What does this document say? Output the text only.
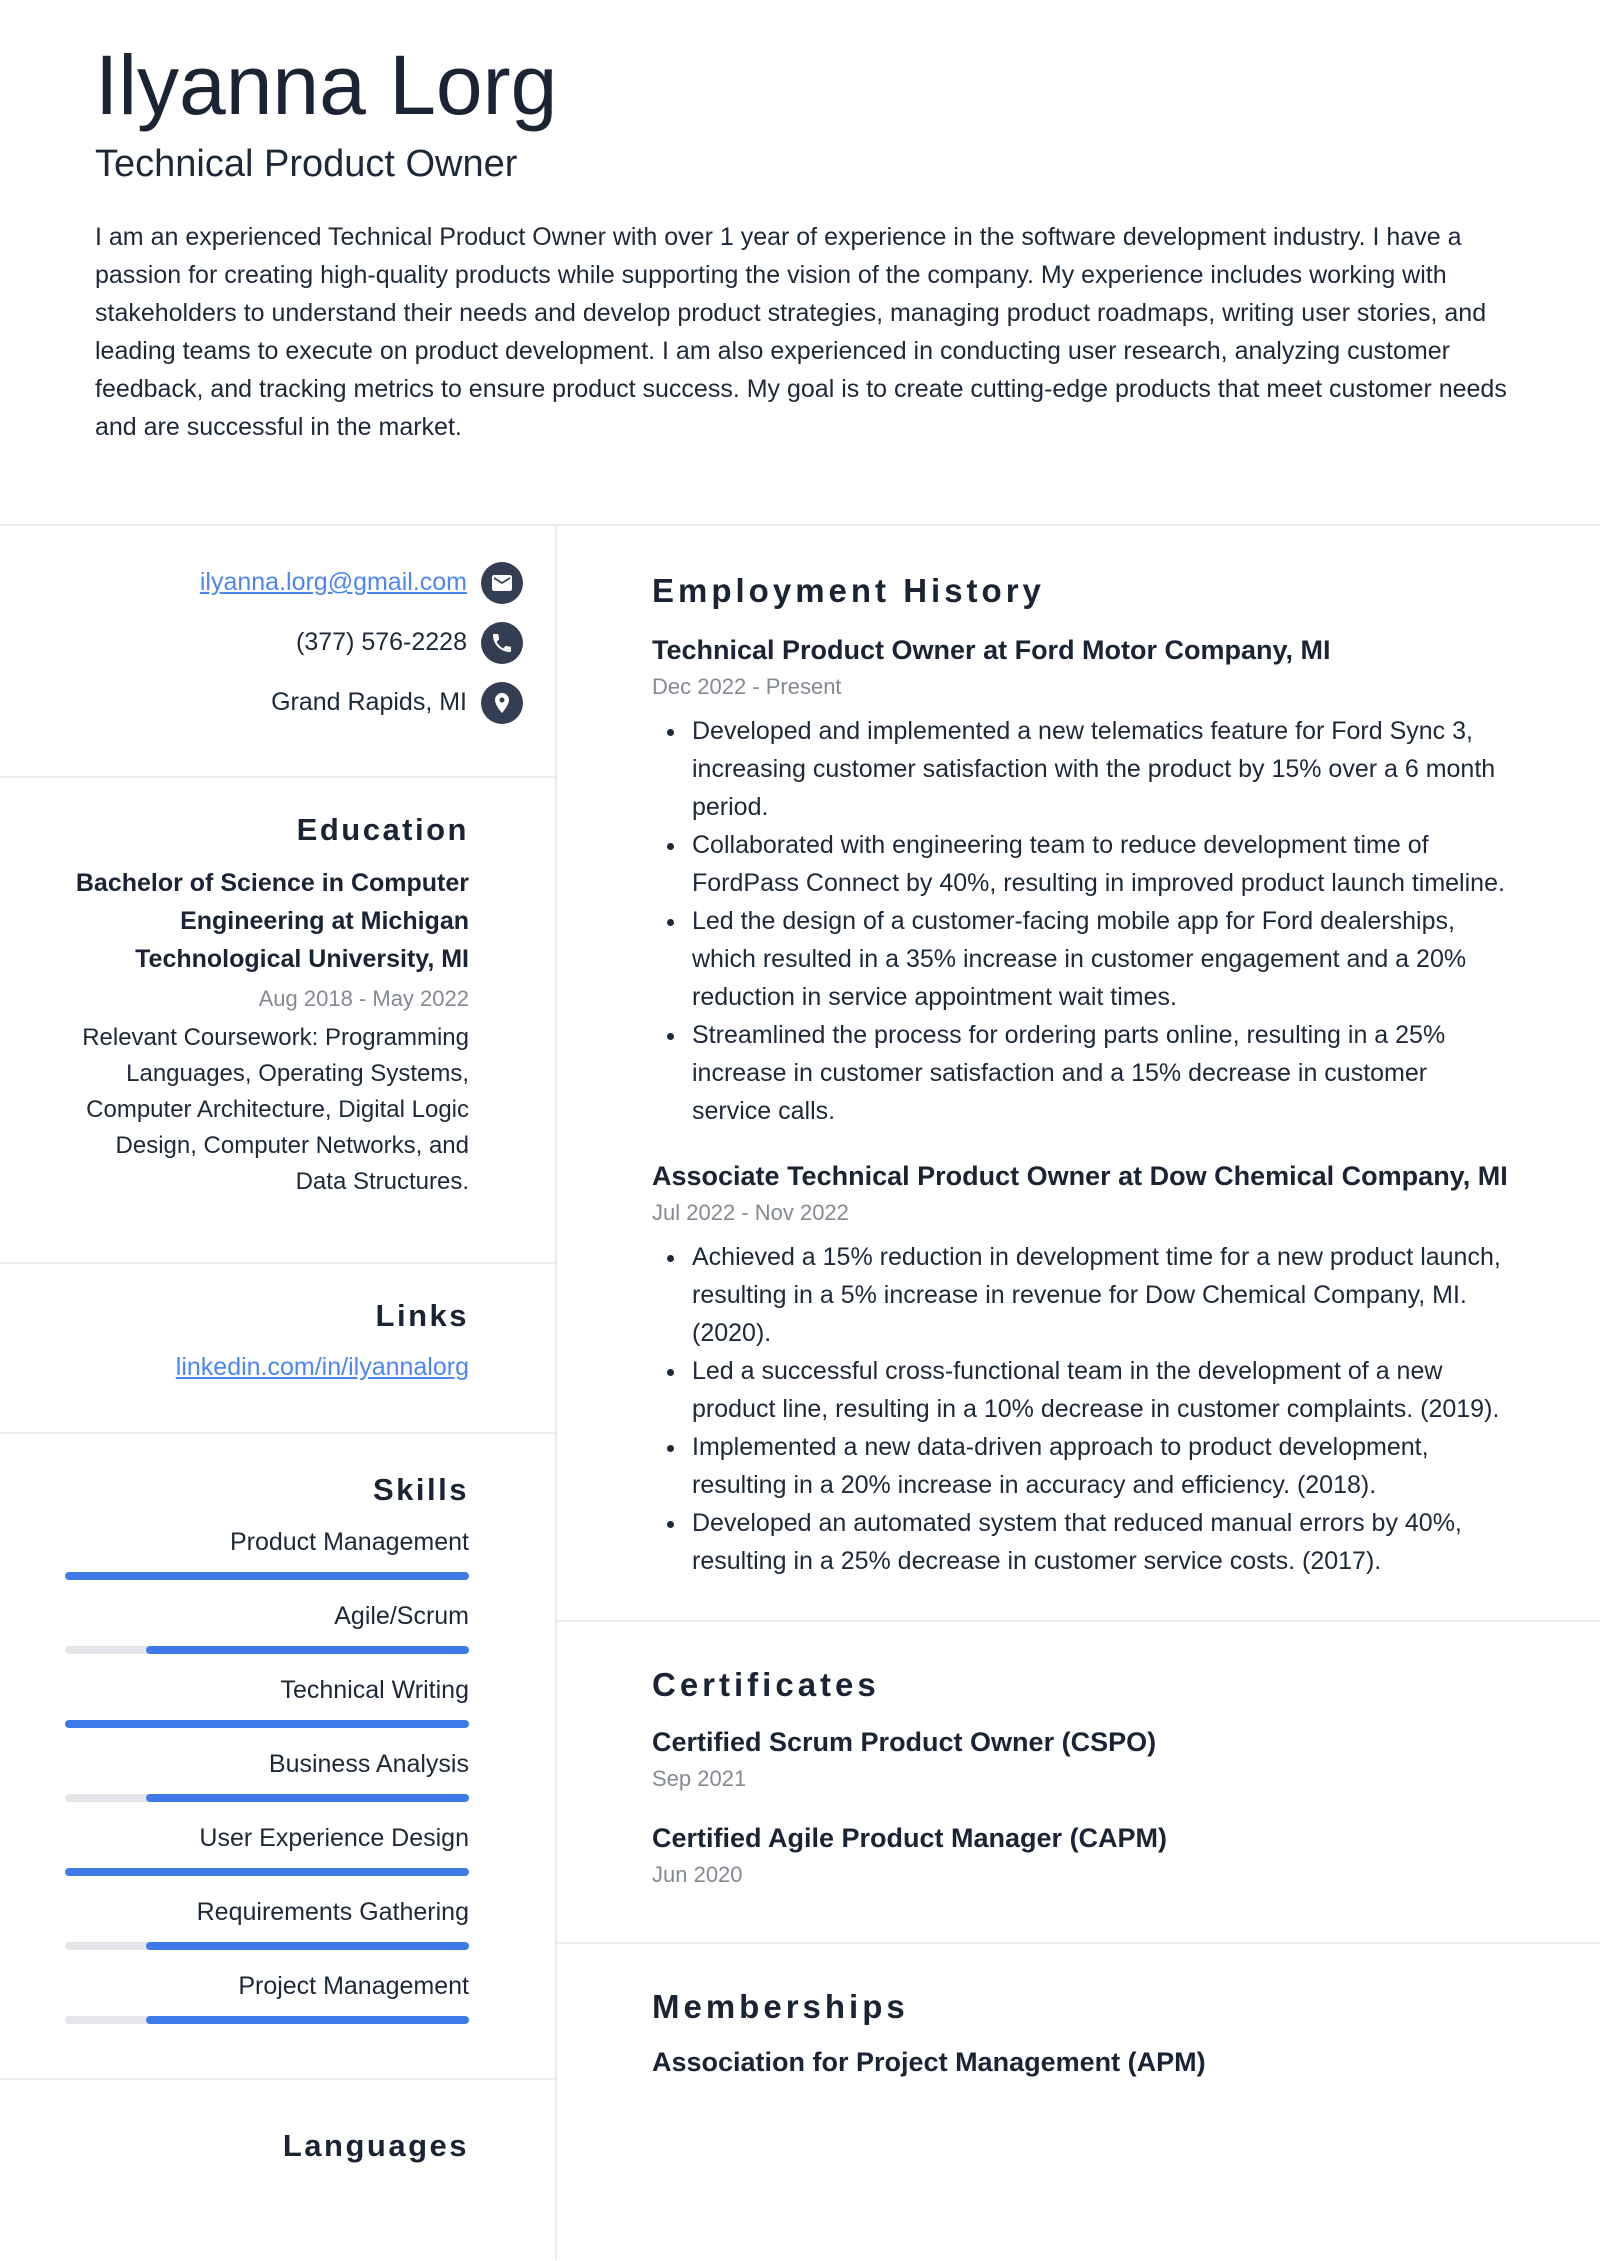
Ilyanna Lorg
Technical Product Owner

I am an experienced Technical Product Owner with over 1 year of experience in the software development industry. I have a passion for creating high-quality products while supporting the vision of the company. My experience includes working with stakeholders to understand their needs and develop product strategies, managing product roadmaps, writing user stories, and leading teams to execute on product development. I am also experienced in conducting user research, analyzing customer feedback, and tracking metrics to ensure product success. My goal is to create cutting-edge products that meet customer needs and are successful in the market.

ilyanna.lorg@gmail.com
(377) 576-2228
Grand Rapids, MI
Education
Bachelor of Science in Computer Engineering at Michigan Technological University, MI
Aug 2018 - May 2022
Relevant Coursework: Programming Languages, Operating Systems, Computer Architecture, Digital Logic Design, Computer Networks, and Data Structures.
Links
linkedin.com/in/ilyannalorg
Skills
Product Management
Agile/Scrum
Technical Writing
Business Analysis
User Experience Design
Requirements Gathering
Project Management
Languages
Employment History
Technical Product Owner at Ford Motor Company, MI
Dec 2022 - Present
• Developed and implemented a new telematics feature for Ford Sync 3, increasing customer satisfaction with the product by 15% over a 6 month period.
• Collaborated with engineering team to reduce development time of FordPass Connect by 40%, resulting in improved product launch timeline.
• Led the design of a customer-facing mobile app for Ford dealerships, which resulted in a 35% increase in customer engagement and a 20% reduction in service appointment wait times.
• Streamlined the process for ordering parts online, resulting in a 25% increase in customer satisfaction and a 15% decrease in customer service calls.
Associate Technical Product Owner at Dow Chemical Company, MI
Jul 2022 - Nov 2022
• Achieved a 15% reduction in development time for a new product launch, resulting in a 5% increase in revenue for Dow Chemical Company, MI. (2020).
• Led a successful cross-functional team in the development of a new product line, resulting in a 10% decrease in customer complaints. (2019).
• Implemented a new data-driven approach to product development, resulting in a 20% increase in accuracy and efficiency. (2018).
• Developed an automated system that reduced manual errors by 40%, resulting in a 25% decrease in customer service costs. (2017).
Certificates
Certified Scrum Product Owner (CSPO)
Sep 2021
Certified Agile Product Manager (CAPM)
Jun 2020
Memberships
Association for Project Management (APM)
